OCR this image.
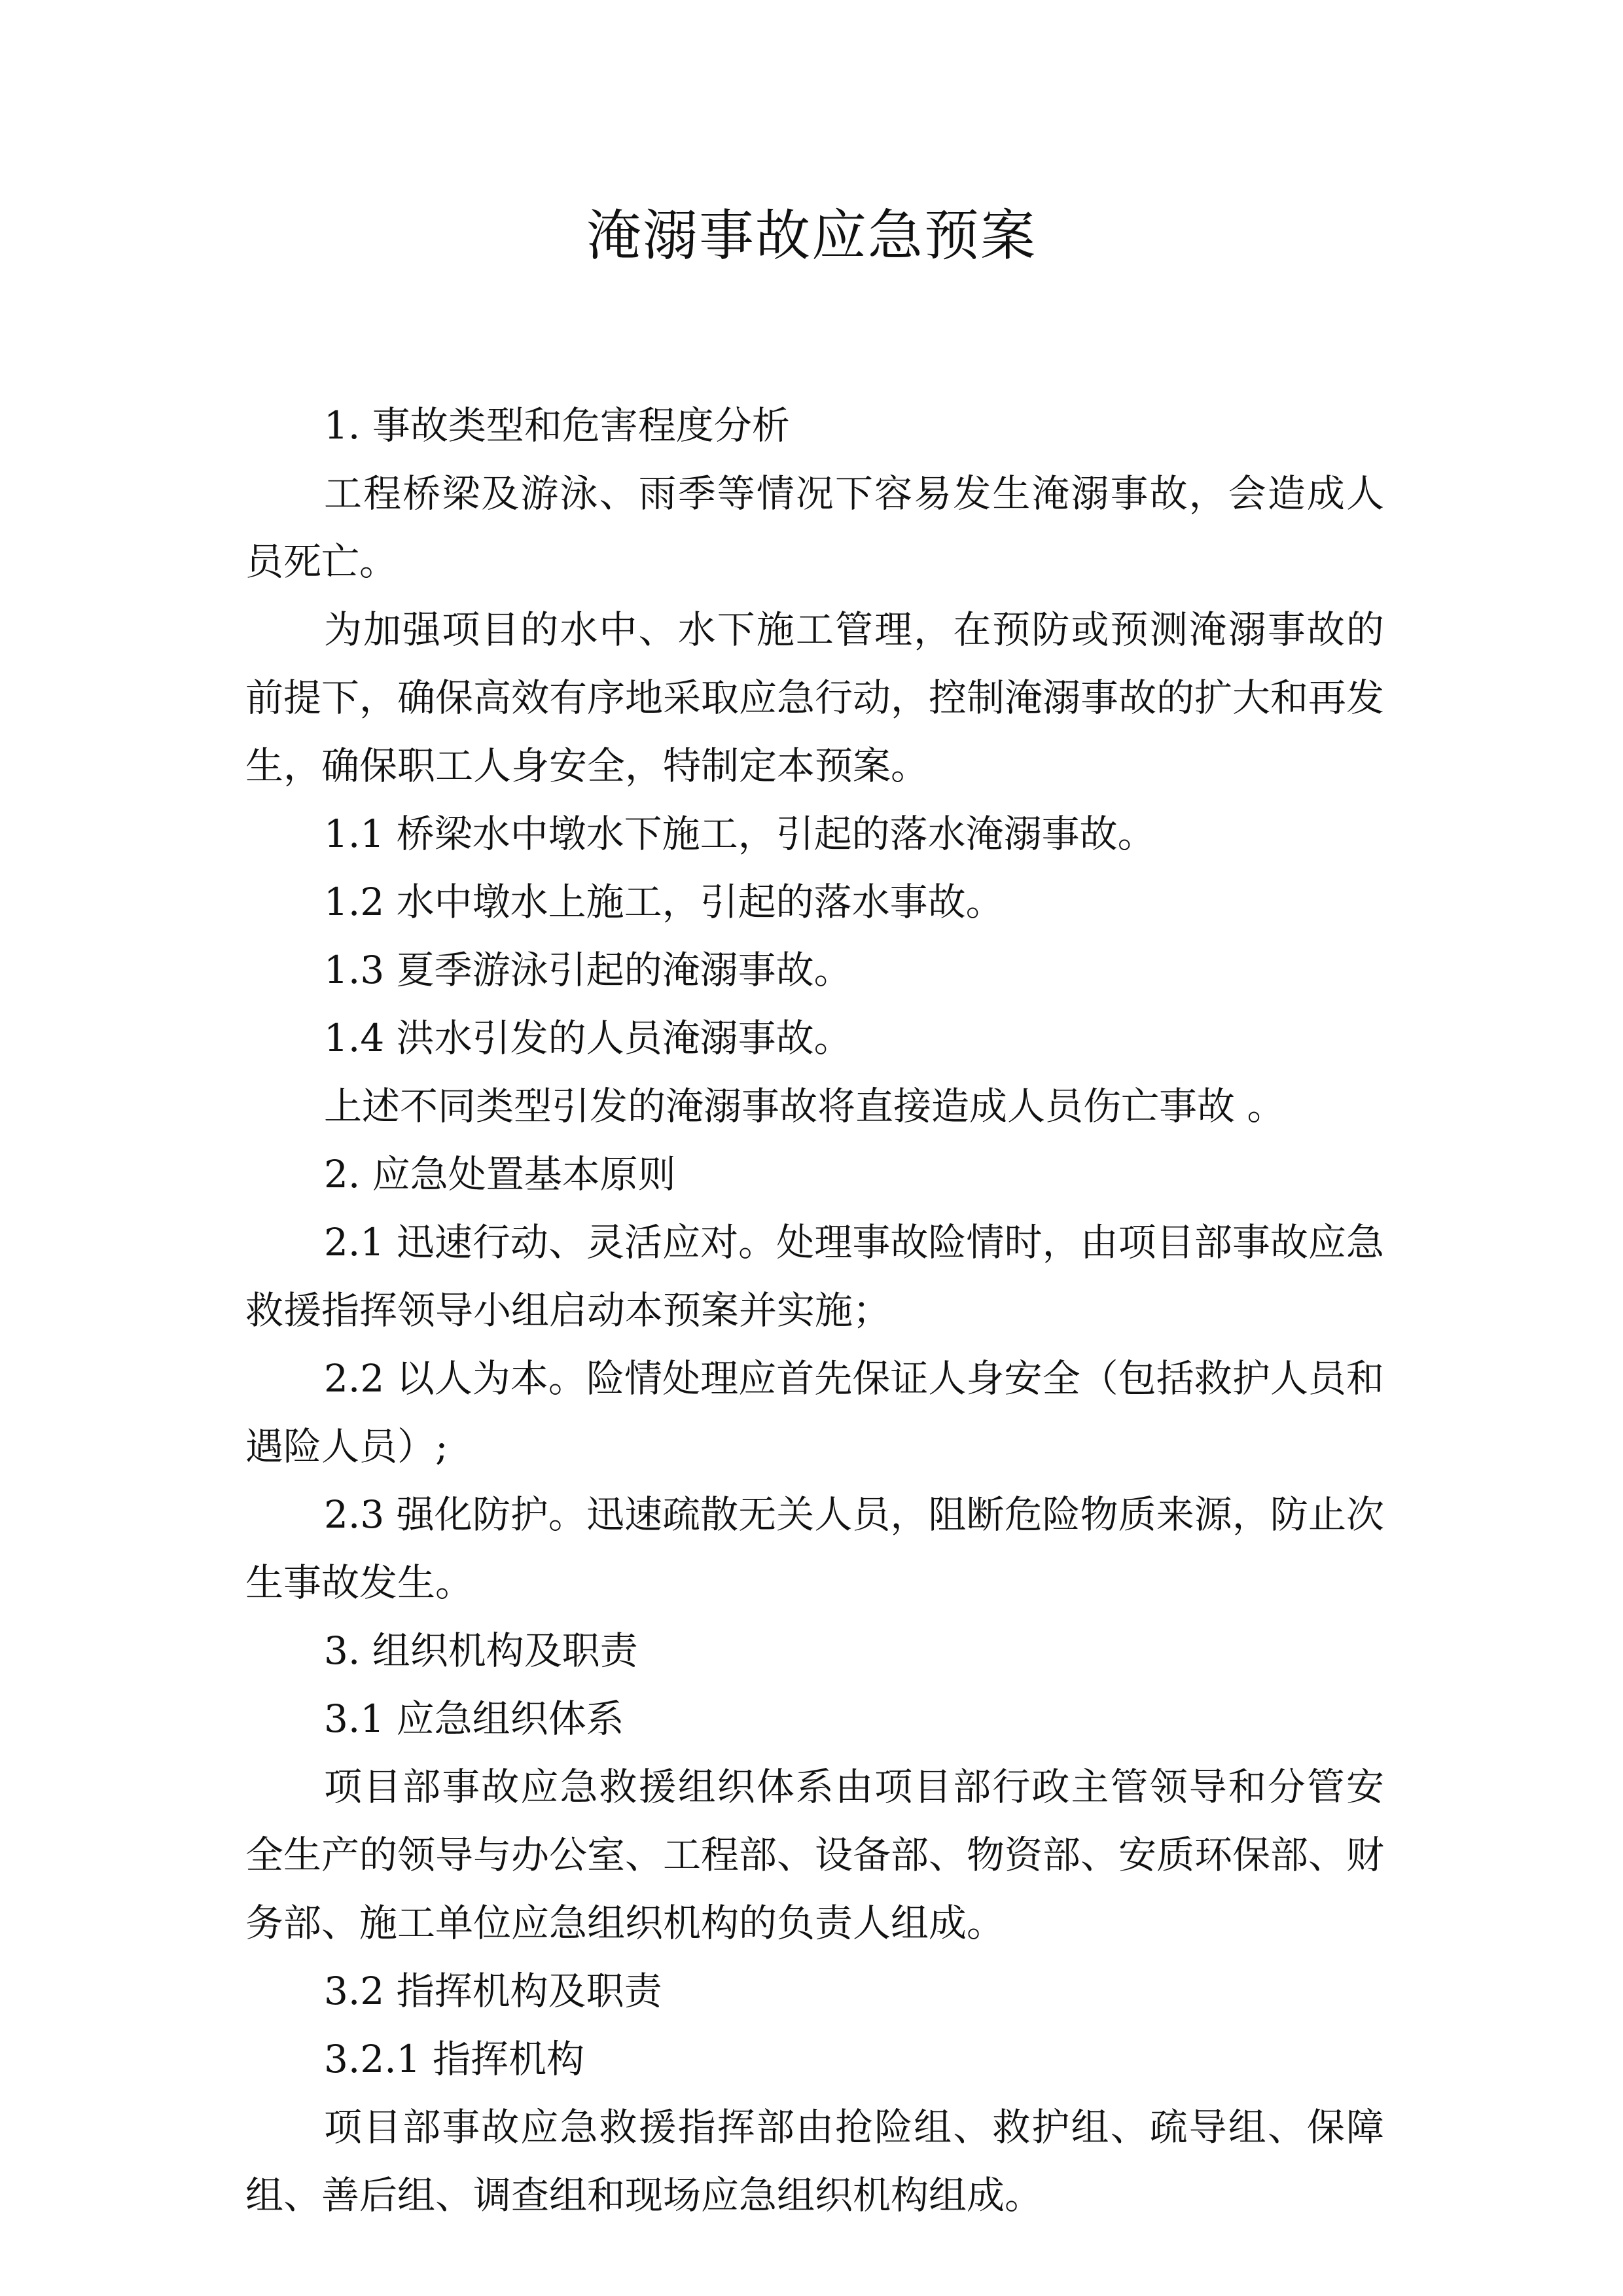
淹溺事故应急预案

1. 事故类型和危害程度分析

工程桥梁及游泳、雨季等情况下容易发生淹溺事故，会造成人员死亡。

为加强项目的水中、水下施工管理，在预防或预测淹溺事故的前提下，确保高效有序地采取应急行动，控制淹溺事故的扩大和再发生，确保职工人身安全，特制定本预案。

1.1 桥梁水中墩水下施工，引起的落水淹溺事故。

1.2 水中墩水上施工，引起的落水事故。

1.3 夏季游泳引起的淹溺事故。

1.4 洪水引发的人员淹溺事故。

上述不同类型引发的淹溺事故将直接造成人员伤亡事故 。

2. 应急处置基本原则

2.1 迅速行动、灵活应对。处理事故险情时，由项目部事故应急救援指挥领导小组启动本预案并实施；

2.2 以人为本。险情处理应首先保证人身安全（包括救护人员和遇险人员）;

2.3 强化防护。迅速疏散无关人员，阻断危险物质来源，防止次生事故发生。

3. 组织机构及职责

3.1 应急组织体系

项目部事故应急救援组织体系由项目部行政主管领导和分管安全生产的领导与办公室、工程部、设备部、物资部、安质环保部、财务部、施工单位应急组织机构的负责人组成。

3.2 指挥机构及职责

3.2.1 指挥机构

项目部事故应急救援指挥部由抢险组、救护组、疏导组、保障组、善后组、调查组和现场应急组织机构组成。
